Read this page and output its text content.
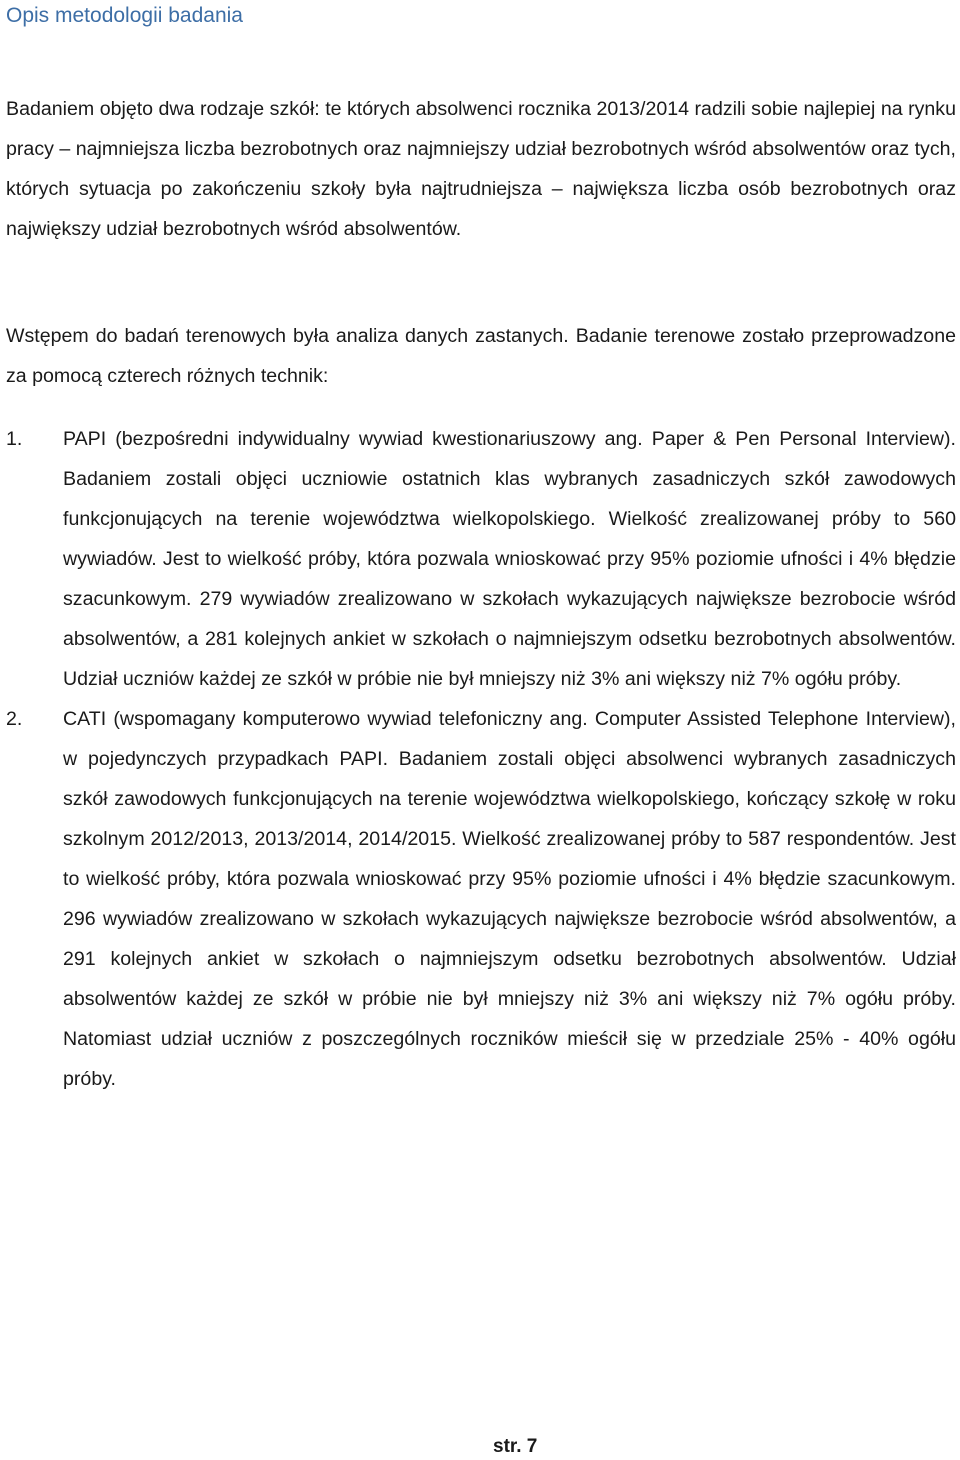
Opis metodologii badania

Badaniem objęto dwa rodzaje szkół: te których absolwenci rocznika 2013/2014 radzili sobie najlepiej na rynku pracy – najmniejsza liczba bezrobotnych oraz najmniejszy udział bezrobotnych wśród absolwentów oraz tych, których sytuacja po zakończeniu szkoły była najtrudniejsza – największa liczba osób bezrobotnych oraz największy udział bezrobotnych wśród absolwentów.

Wstępem do badań terenowych była analiza danych zastanych. Badanie terenowe zostało przeprowadzone za pomocą czterech różnych technik:

1. PAPI (bezpośredni indywidualny wywiad kwestionariuszowy ang. Paper & Pen Personal Interview). Badaniem zostali objęci uczniowie ostatnich klas wybranych zasadniczych szkół zawodowych funkcjonujących na terenie województwa wielkopolskiego. Wielkość zrealizowanej próby to 560 wywiadów. Jest to wielkość próby, która pozwala wnioskować przy 95% poziomie ufności i 4% błędzie szacunkowym. 279 wywiadów zrealizowano w szkołach wykazujących największe bezrobocie wśród absolwentów, a 281 kolejnych ankiet w szkołach o najmniejszym odsetku bezrobotnych absolwentów. Udział uczniów każdej ze szkół w próbie nie był mniejszy niż 3% ani większy niż 7% ogółu próby.
2. CATI (wspomagany komputerowo wywiad telefoniczny ang. Computer Assisted Telephone Interview), w pojedynczych przypadkach PAPI. Badaniem zostali objęci absolwenci wybranych zasadniczych szkół zawodowych funkcjonujących na terenie województwa wielkopolskiego, kończący szkołę w roku szkolnym 2012/2013, 2013/2014, 2014/2015. Wielkość zrealizowanej próby to 587 respondentów. Jest to wielkość próby, która pozwala wnioskować przy 95% poziomie ufności i 4% błędzie szacunkowym. 296 wywiadów zrealizowano w szkołach wykazujących największe bezrobocie wśród absolwentów, a 291 kolejnych ankiet w szkołach o najmniejszym odsetku bezrobotnych absolwentów. Udział absolwentów każdej ze szkół w próbie nie był mniejszy niż 3% ani większy niż 7% ogółu próby. Natomiast udział uczniów z poszczególnych roczników mieścił się w przedziale 25% - 40% ogółu próby.
str. 7
